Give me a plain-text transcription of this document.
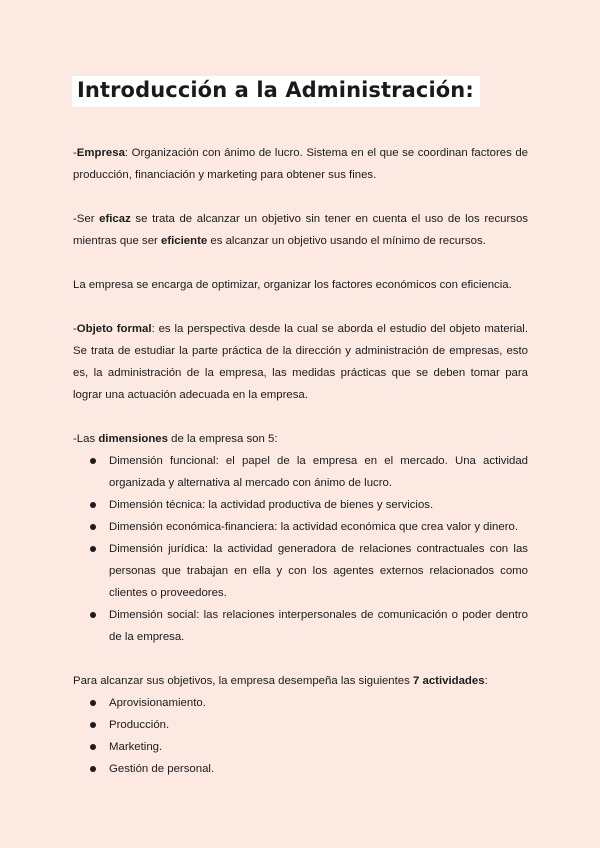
Introducción a la Administración:

-Empresa: Organización con ánimo de lucro. Sistema en el que se coordinan factores de producción, financiación y marketing para obtener sus fines.

-Ser eficaz se trata de alcanzar un objetivo sin tener en cuenta el uso de los recursos mientras que ser eficiente es alcanzar un objetivo usando el mínimo de recursos.

La empresa se encarga de optimizar, organizar los factores económicos con eficiencia.

-Objeto formal: es la perspectiva desde la cual se aborda el estudio del objeto material. Se trata de estudiar la parte práctica de la dirección y administración de empresas, esto es, la administración de la empresa, las medidas prácticas que se deben tomar para lograr una actuación adecuada en la empresa.

-Las dimensiones de la empresa son 5:

Dimensión funcional: el papel de la empresa en el mercado. Una actividad organizada y alternativa al mercado con ánimo de lucro.
Dimensión técnica: la actividad productiva de bienes y servicios.
Dimensión económica-financiera: la actividad económica que crea valor y dinero.
Dimensión jurídica: la actividad generadora de relaciones contractuales con las personas que trabajan en ella y con los agentes externos relacionados como clientes o proveedores.
Dimensión social: las relaciones interpersonales de comunicación o poder dentro de la empresa.

Para alcanzar sus objetivos, la empresa desempeña las siguientes 7 actividades:

Aprovisionamiento.
Producción.
Marketing.
Gestión de personal.
